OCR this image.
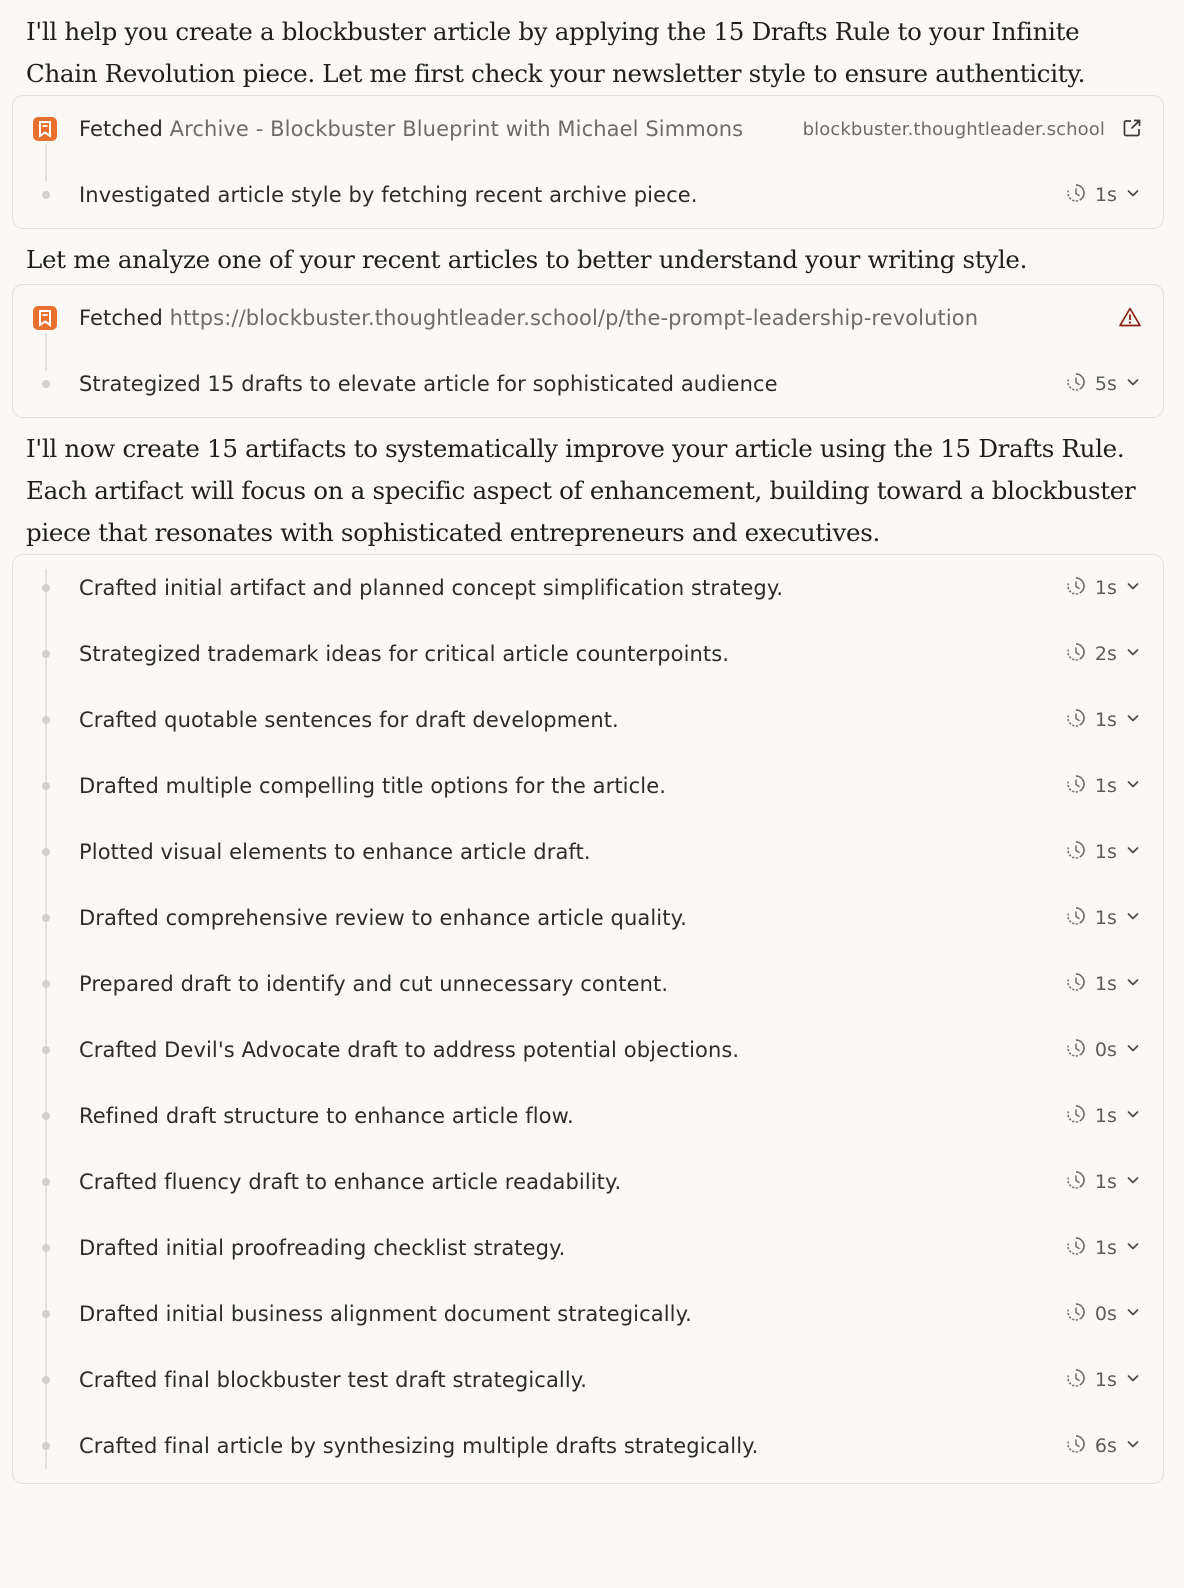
I'll help you create a blockbuster article by applying the 15 Drafts Rule to your Infinite Chain Revolution piece. Let me first check your newsletter style to ensure authenticity.

Fetched Archive - Blockbuster Blueprint with Michael Simmons	blockbuster.thoughtleader.school
Investigated article style by fetching recent archive piece.	1s

Let me analyze one of your recent articles to better understand your writing style.

Fetched https://blockbuster.thoughtleader.school/p/the-prompt-leadership-revolution
Strategized 15 drafts to elevate article for sophisticated audience	5s

I'll now create 15 artifacts to systematically improve your article using the 15 Drafts Rule. Each artifact will focus on a specific aspect of enhancement, building toward a blockbuster piece that resonates with sophisticated entrepreneurs and executives.

Crafted initial artifact and planned concept simplification strategy.	1s
Strategized trademark ideas for critical article counterpoints.	2s
Crafted quotable sentences for draft development.	1s
Drafted multiple compelling title options for the article.	1s
Plotted visual elements to enhance article draft.	1s
Drafted comprehensive review to enhance article quality.	1s
Prepared draft to identify and cut unnecessary content.	1s
Crafted Devil's Advocate draft to address potential objections.	0s
Refined draft structure to enhance article flow.	1s
Crafted fluency draft to enhance article readability.	1s
Drafted initial proofreading checklist strategy.	1s
Drafted initial business alignment document strategically.	0s
Crafted final blockbuster test draft strategically.	1s
Crafted final article by synthesizing multiple drafts strategically.	6s
